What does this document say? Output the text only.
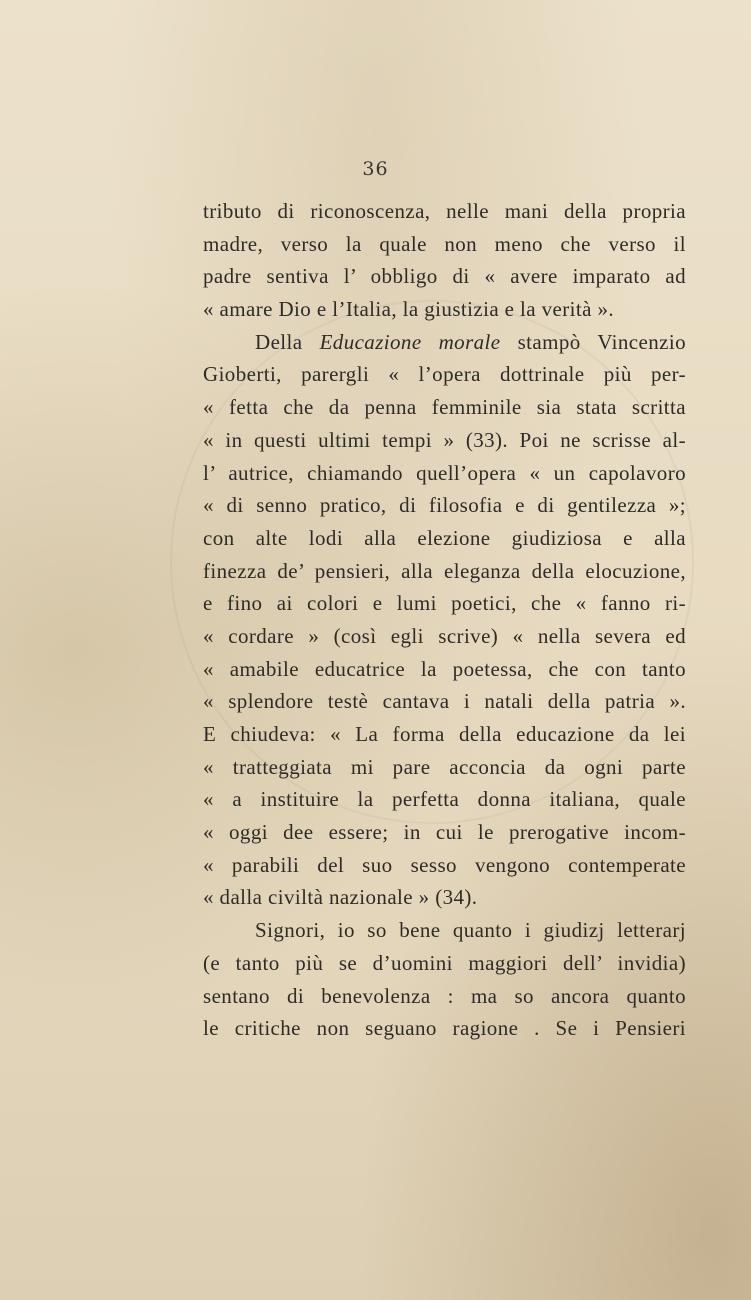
36
tributo di riconoscenza, nelle mani della propria
madre, verso la quale non meno che verso il
padre sentiva l’ obbligo di « avere imparato ad
« amare Dio e l’Italia, la giustizia e la verità ».
Della Educazione morale stampò Vincenzio
Gioberti, parergli « l’opera dottrinale più per-
« fetta che da penna femminile sia stata scritta
« in questi ultimi tempi » (33). Poi ne scrisse al-
l’ autrice, chiamando quell’opera « un capolavoro
« di senno pratico, di filosofia e di gentilezza »;
con alte lodi alla elezione giudiziosa e alla
finezza de’ pensieri, alla eleganza della elocuzione,
e fino ai colori e lumi poetici, che « fanno ri-
« cordare » (così egli scrive) « nella severa ed
« amabile educatrice la poetessa, che con tanto
« splendore testè cantava i natali della patria ».
E chiudeva: « La forma della educazione da lei
« tratteggiata mi pare acconcia da ogni parte
« a instituire la perfetta donna italiana, quale
« oggi dee essere; in cui le prerogative incom-
« parabili del suo sesso vengono contemperate
« dalla civiltà nazionale » (34).
Signori, io so bene quanto i giudizj letterarj
(e tanto più se d’uomini maggiori dell’ invidia)
sentano di benevolenza : ma so ancora quanto
le critiche non seguano ragione . Se i Pensieri
